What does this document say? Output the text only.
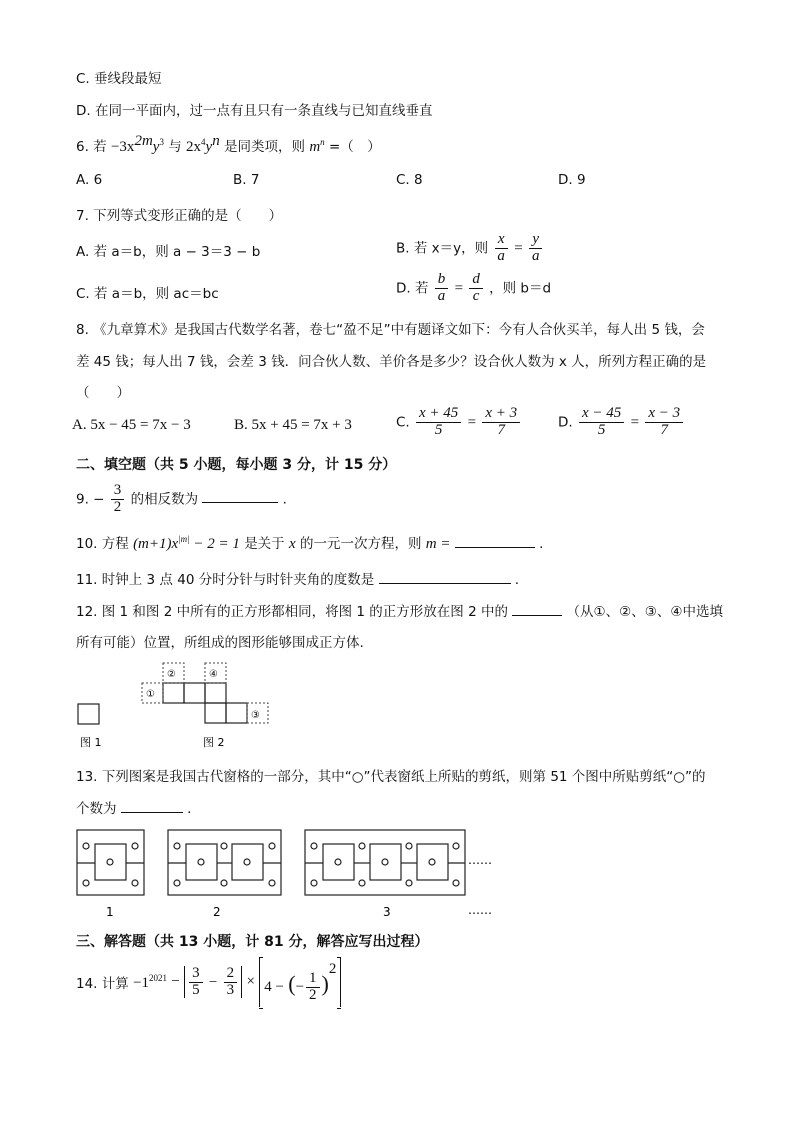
C. 垂线段最短
D. 在同一平面内，过一点有且只有一条直线与已知直线垂直
6. 若 $-3x^{2m}y^3$ 与 $2x^4y^n$ 是同类项，则 $m^n$ =（　）
A. 6	B. 7	C. 8	D. 9
7. 下列等式变形正确的是（　　）
A. 若 a＝b，则 a − 3＝3 − b	B. 若 x＝y，则 $\frac{x}{a} = \frac{y}{a}$
C. 若 a＝b，则 ac＝bc	D. 若 $\frac{b}{a} = \frac{d}{c}$ ，则 b＝d
8. 《九章算术》是我国古代数学名著，卷七“盈不足”中有题译文如下：今有人合伙买羊，每人出 5 钱，会
差 45 钱；每人出 7 钱，会差 3 钱．问合伙人数、羊价各是多少？设合伙人数为 x 人，所列方程正确的是
（　　）
A. 5x − 45 = 7x − 3	B. 5x + 45 = 7x + 3	C. $\frac{x + 45}{5} = \frac{x + 3}{7}$	D. $\frac{x - 45}{5} = \frac{x - 3}{7}$
二、填空题（共 5 小题，每小题 3 分，计 15 分）
9. − $\frac{3}{2}$ 的相反数为	.
10. 方程 $(m+1)x^{|m|} - 2 = 1$ 是关于 x 的一元一次方程，则 m =	.
11. 时钟上 3 点 40 分时分针与时针夹角的度数是	.
12. 图 1 和图 2 中所有的正方形都相同，将图 1 的正方形放在图 2 中的	（从①、②、③、④中选填
所有可能）位置，所组成的图形能够围成正方体.
图 1
①
②
③
④
图 2
13. 下列图案是我国古代窗格的一部分，其中“○”代表窗纸上所贴的剪纸，则第 51 个图中所贴剪纸“○”的
个数为	.
……
……
1	2	3
三、解答题（共 13 小题，计 81 分，解答应写出过程）
14. 计算 $-1^{2021} - \frac{3}{5} - \frac{2}{3} \times 4$ − (− $\frac{1}{2} )^2$
